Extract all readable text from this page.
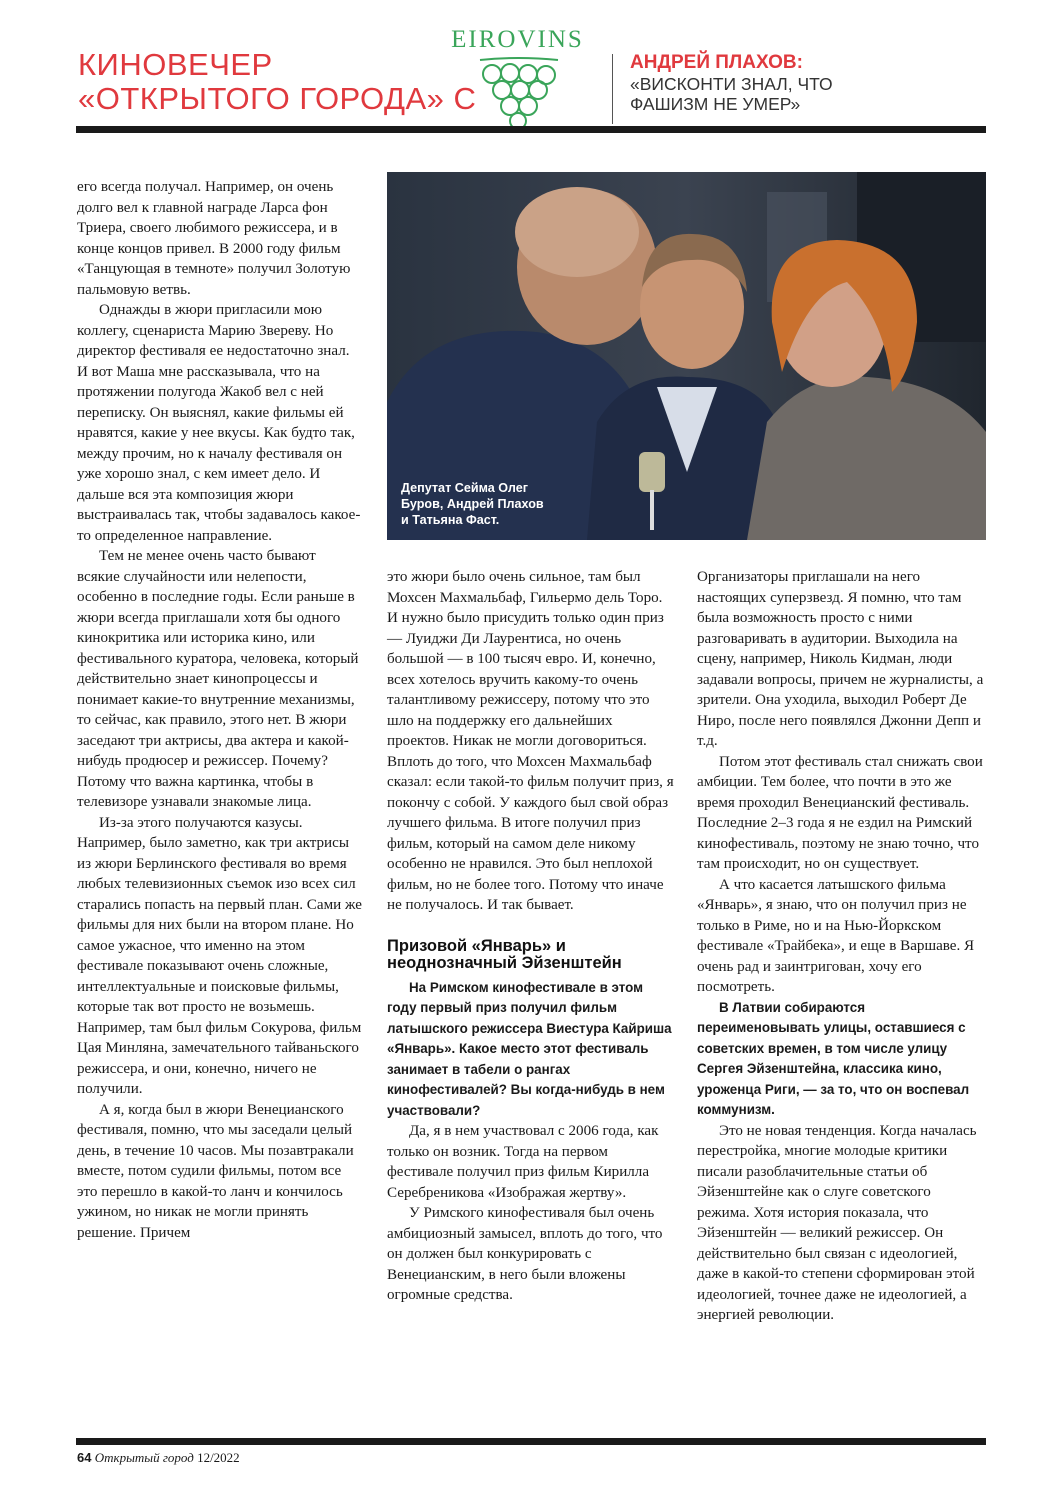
КИНОВЕЧЕР
«ОТКРЫТОГО ГОРОДА» С
EIROVINS
АНДРЕЙ ПЛАХОВ:
«ВИСКОНТИ ЗНАЛ, ЧТО
ФАШИЗМ НЕ УМЕР»
Депутат Сейма Олег
Буров, Андрей Плахов
и Татьяна Фаст.

его всегда получал. Например, он очень долго вел к главной награде Ларса фон Триера, своего любимого режиссера, и в конце концов привел. В 2000 году фильм «Танцующая в темноте» получил Золотую пальмовую ветвь.

Однажды в жюри пригласили мою коллегу, сценариста Марию Звереву. Но директор фестиваля ее недостаточно знал. И вот Маша мне рассказывала, что на протяжении полугода Жакоб вел с ней переписку. Он выяснял, какие фильмы ей нравятся, какие у нее вкусы. Как будто так, между прочим, но к началу фестиваля он уже хорошо знал, с кем имеет дело. И дальше вся эта композиция жюри выстраивалась так, чтобы задавалось какое-то определенное направление.

Тем не менее очень часто бывают всякие случайности или нелепости, особенно в последние годы. Если раньше в жюри всегда приглашали хотя бы одного кинокритика или историка кино, или фестивального куратора, человека, который действительно знает кинопроцессы и понимает какие-то внутренние механизмы, то сейчас, как правило, этого нет. В жюри заседают три актрисы, два актера и какой-нибудь продюсер и режиссер. Почему? Потому что важна картинка, чтобы в телевизоре узнавали знакомые лица.

Из-за этого получаются казусы. Например, было заметно, как три актрисы из жюри Берлинского фестиваля во время любых телевизионных съемок изо всех сил старались попасть на первый план. Сами же фильмы для них были на втором плане. Но самое ужасное, что именно на этом фестивале показывают очень сложные, интеллектуальные и поисковые фильмы, которые так вот просто не возьмешь. Например, там был фильм Сокурова, фильм Цая Минляна, замечательного тайваньского режиссера, и они, конечно, ничего не получили.

А я, когда был в жюри Венецианского фестиваля, помню, что мы заседали целый день, в течение 10 часов. Мы позавтракали вместе, потом судили фильмы, потом все это перешло в какой-то ланч и кончилось ужином, но никак не могли принять решение. Причем

это жюри было очень сильное, там был Мохсен Махмальбаф, Гильермо дель Торо. И нужно было присудить только один приз — Луиджи Ди Лаурентиса, но очень большой — в 100 тысяч евро. И, конечно, всех хотелось вручить какому-то очень талантливому режиссеру, потому что это шло на поддержку его дальнейших проектов. Никак не могли договориться. Вплоть до того, что Мохсен Махмальбаф сказал: если такой-то фильм получит приз, я покончу с собой. У каждого был свой образ лучшего фильма. В итоге получил приз фильм, который на самом деле никому особенно не нравился. Это был неплохой фильм, но не более того. Потому что иначе не получалось. И так бывает.

Призовой «Январь» и неоднозначный Эйзенштейн

На Римском кинофестивале в этом году первый приз получил фильм латышского режиссера Виестура Кайриша «Январь». Какое место этот фестиваль занимает в табели о рангах кинофестивалей? Вы когда-нибудь в нем участвовали?

Да, я в нем участвовал с 2006 года, как только он возник. Тогда на первом фестивале получил приз фильм Кирилла Серебреникова «Изображая жертву».

У Римского кинофестиваля был очень амбициозный замысел, вплоть до того, что он должен был конкурировать с Венецианским, в него были вложены огромные средства.

Организаторы приглашали на него настоящих суперзвезд. Я помню, что там была возможность просто с ними разговаривать в аудитории. Выходила на сцену, например, Николь Кидман, люди задавали вопросы, причем не журналисты, а зрители. Она уходила, выходил Роберт Де Ниро, после него появлялся Джонни Депп и т.д.

Потом этот фестиваль стал снижать свои амбиции. Тем более, что почти в это же время проходил Венецианский фестиваль. Последние 2–3 года я не ездил на Римский кинофестиваль, поэтому не знаю точно, что там происходит, но он существует.

А что касается латышского фильма «Январь», я знаю, что он получил приз не только в Риме, но и на Нью-Йоркском фестивале «Трайбека», и еще в Варшаве. Я очень рад и заинтригован, хочу его посмотреть.

В Латвии собираются переименовывать улицы, оставшиеся с советских времен, в том числе улицу Сергея Эйзенштейна, классика кино, уроженца Риги, — за то, что он воспевал коммунизм.

Это не новая тенденция. Когда началась перестройка, многие молодые критики писали разоблачительные статьи об Эйзенштейне как о слуге советского режима. Хотя история показала, что Эйзенштейн — великий режиссер. Он действительно был связан с идеологией, даже в какой-то степени сформирован этой идеологией, точнее даже не идеологией, а энергией революции.

64 Открытый город 12/2022
